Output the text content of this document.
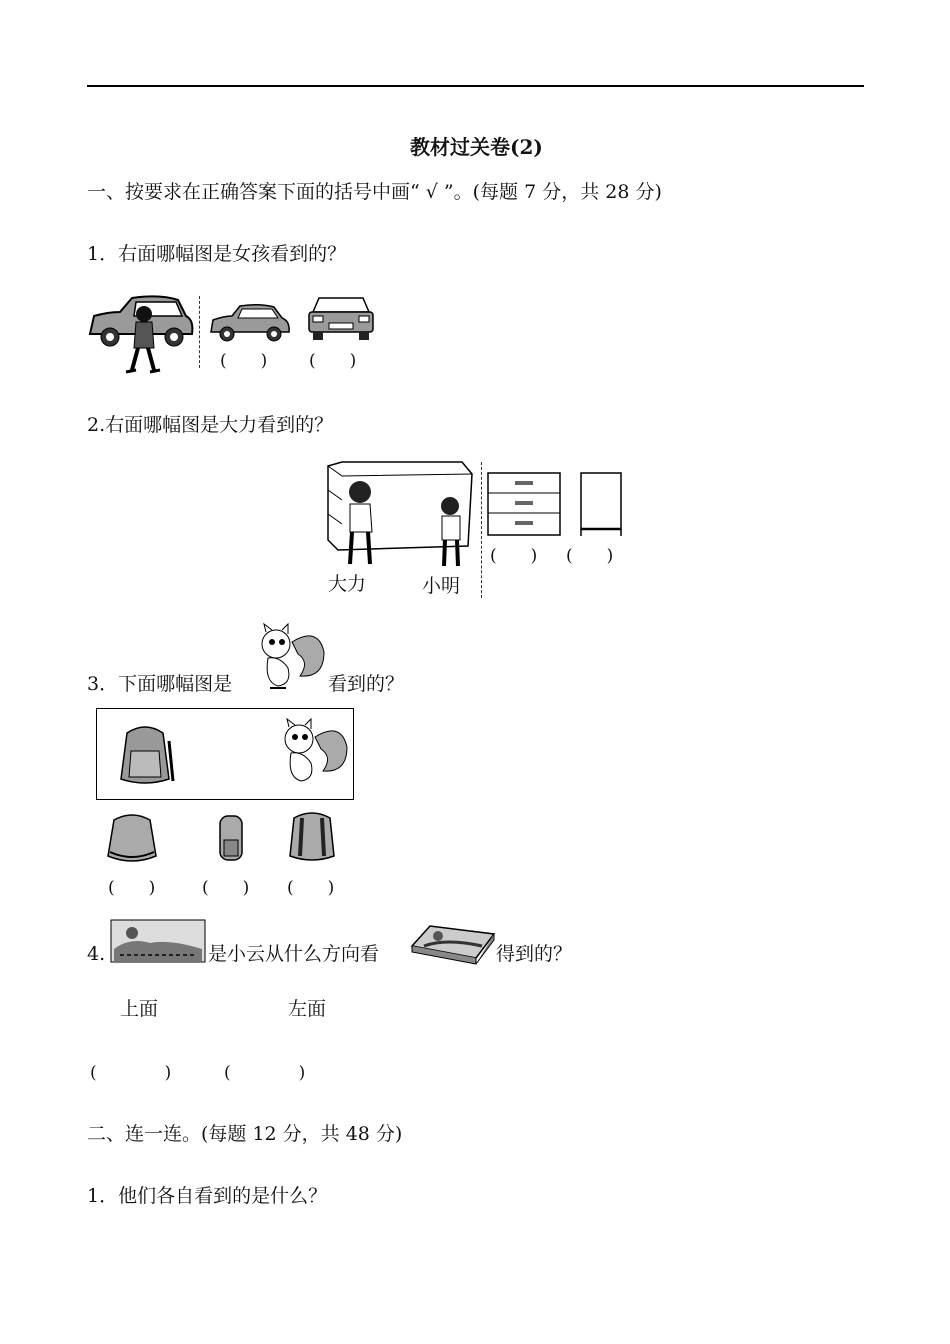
教材过关卷(2)
一、按要求在正确答案下面的括号中画“ √ ”。(每题 7 分，共 28 分)
1．右面哪幅图是女孩看到的？
(　　) (　　)
2.右面哪幅图是大力看到的？
大力	小明
(　　) (　　)
3．下面哪幅图是	看到的？
(　　)	(　　) (　　)
4.	是小云从什么方向看	得到的？
上面	左面
(　　　　)	(　　　　)
二、连一连。(每题 12 分，共 48 分)
1．他们各自看到的是什么？
